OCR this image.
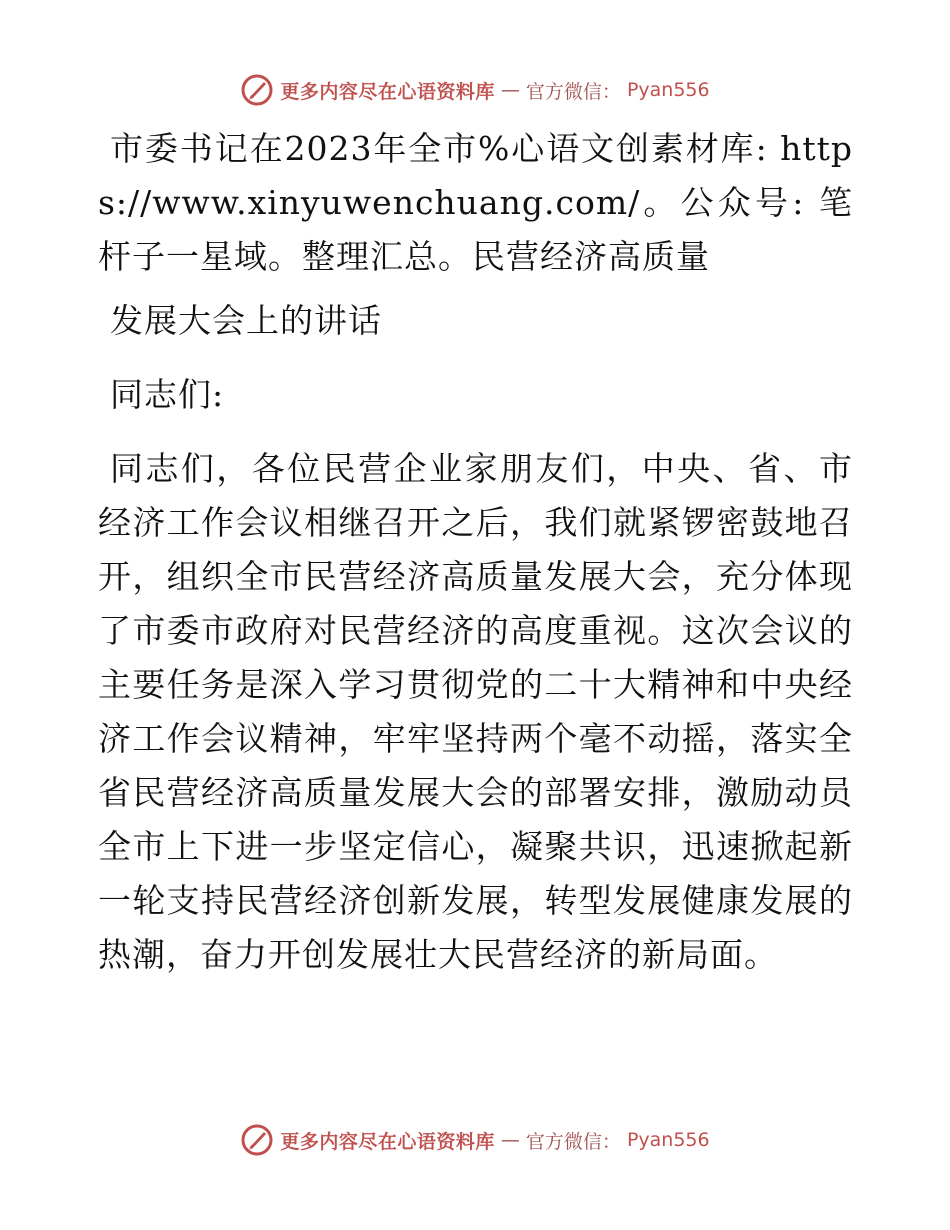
更多内容尽在心语资料库 — 官方微信： Pyan556

市委书记在2023年全市%心语文创素材库: https://www.xinyuwenchuang.com/。公众号: 笔杆子一星域。整理汇总。民营经济高质量

发展大会上的讲话

同志们:

同志们，各位民营企业家朋友们，中央、省、市经济工作会议相继召开之后，我们就紧锣密鼓地召开，组织全市民营经济高质量发展大会，充分体现了市委市政府对民营经济的高度重视。这次会议的主要任务是深入学习贯彻党的二十大精神和中央经济工作会议精神，牢牢坚持两个毫不动摇，落实全省民营经济高质量发展大会的部署安排，激励动员全市上下进一步坚定信心，凝聚共识，迅速掀起新一轮支持民营经济创新发展，转型发展健康发展的热潮，奋力开创发展壮大民营经济的新局面。

更多内容尽在心语资料库 — 官方微信： Pyan556
